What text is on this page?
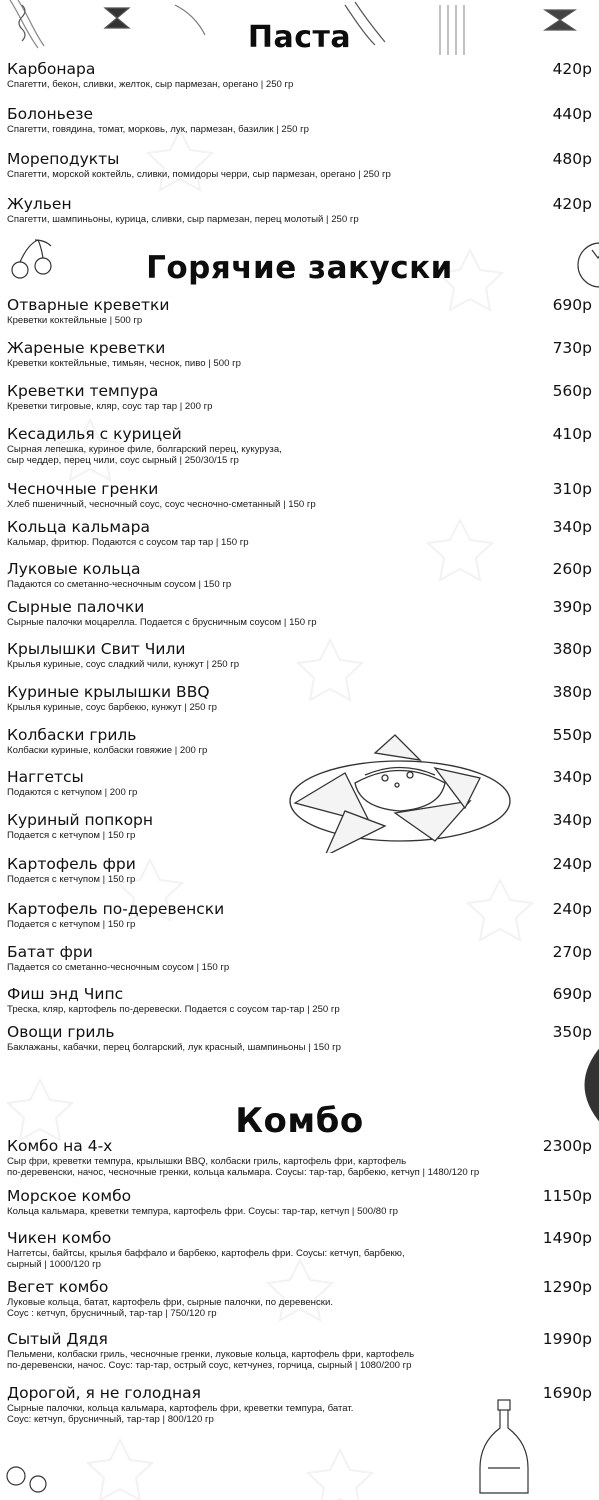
Паста
Карбонара	420р
Спагетти, бекон, сливки, желток, сыр пармезан, орегано | 250 гр
Болоньезе	440р
Спагетти, говядина, томат, морковь, лук, пармезан, базилик | 250 гр
Мореподукты	480р
Спагетти, морской коктейль, сливки, помидоры черри, сыр пармезан, орегано | 250 гр
Жульен	420р
Спагетти, шампиньоны, курица, сливки, сыр пармезан, перец молотый | 250 гр
Горячие закуски
Отварные креветки	690р
Креветки коктейльные | 500 гр
Жареные креветки	730р
Креветки коктейльные, тимьян, чеснок, пиво | 500 гр
Креветки темпура	560р
Креветки тигровые, кляр, соус тар тар | 200 гр
Кесадилья с курицей	410р
Сырная лепешка, куриное филе, болгарский перец, кукуруза,
сыр чеддер, перец чили, соус сырный | 250/30/15 гр
Чесночные гренки	310р
Хлеб пшеничный, чесночный соус, соус чесночно-сметанный | 150 гр
Кольца кальмара	340р
Кальмар, фритюр. Подаются с соусом тар тар | 150 гр
Луковые кольца	260р
Падаются со сметанно-чесночным соусом | 150 гр
Сырные палочки	390р
Сырные палочки моцарелла. Подается с брусничным соусом | 150 гр
Крылышки Свит Чили	380р
Крылья куриные, соус сладкий чили, кунжут | 250 гр
Куриные крылышки BBQ	380р
Крылья куриные, соус барбекю, кунжут | 250 гр
Колбаски гриль	550р
Колбаски куриные, колбаски говяжие | 200 гр
Наггетсы	340р
Подаются с кетчупом | 200 гр
Куриный попкорн	340р
Подается с кетчупом | 150 гр
Картофель фри	240р
Подается с кетчупом | 150 гр
Картофель по-деревенски	240р
Подается с кетчупом | 150 гр
Батат фри	270р
Падается со сметанно-чесночным соусом | 150 гр
Фиш энд Чипс	690р
Треска, кляр, картофель по-деревески. Подается с соусом тар-тар | 250 гр
Овощи гриль	350р
Баклажаны, кабачки, перец болгарский, лук красный, шампиньоны | 150 гр
Комбо
Комбо на 4-х	2300р
Сыр фри, креветки темпура, крылышки BBQ, колбаски гриль, картофель фри, картофель
по-деревенски, начос, чесночные гренки, кольца кальмара. Соусы: тар-тар, барбекю, кетчуп | 1480/120 гр
Морское комбо	1150р
Кольца кальмара, креветки темпура, картофель фри. Соусы: тар-тар, кетчуп | 500/80 гр
Чикен комбо	1490р
Наггетсы, байтсы, крылья баффало и барбекю, картофель фри. Соусы: кетчуп, барбекю,
сырный | 1000/120 гр
Вегет комбо	1290р
Луковые кольца, батат, картофель фри, сырные палочки, по деревенски.
Соус : кетчуп, брусничный, тар-тар | 750/120 гр
Сытый Дядя	1990р
Пельмени, колбаски гриль, чесночные гренки, луковые кольца, картофель фри, картофель
по-деревенски, начос. Соус: тар-тар, острый соус, кетчунез, горчица, сырный | 1080/200 гр
Дорогой, я не голодная	1690р
Сырные палочки, кольца кальмара, картофель фри, креветки темпура, батат.
Соус: кетчуп, брусничный, тар-тар | 800/120 гр
